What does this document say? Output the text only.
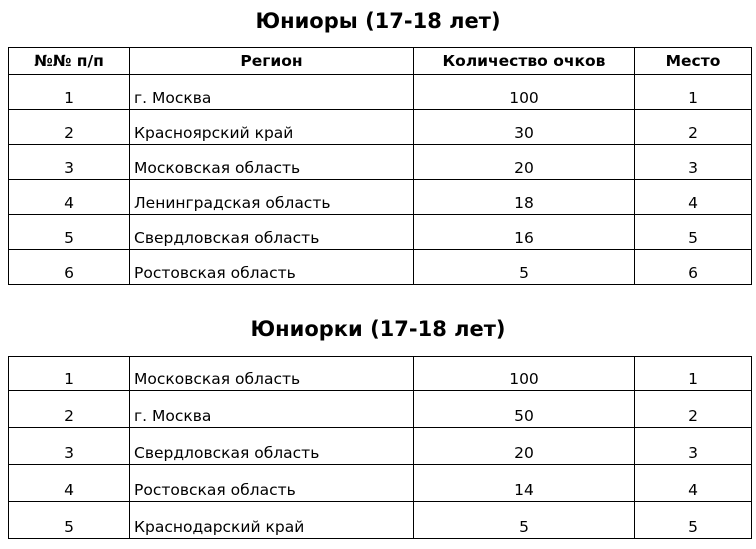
Юниоры (17-18 лет)
№№ п/п	Регион	Количество очков	Место
1	г. Москва	100	1
2	Красноярский край	30	2
3	Московская область	20	3
4	Ленинградская область	18	4
5	Свердловская область	16	5
6	Ростовская область	5	6
Юниорки (17-18 лет)
1	Московская область	100	1
2	г. Москва	50	2
3	Свердловская область	20	3
4	Ростовская область	14	4
5	Краснодарский край	5	5
